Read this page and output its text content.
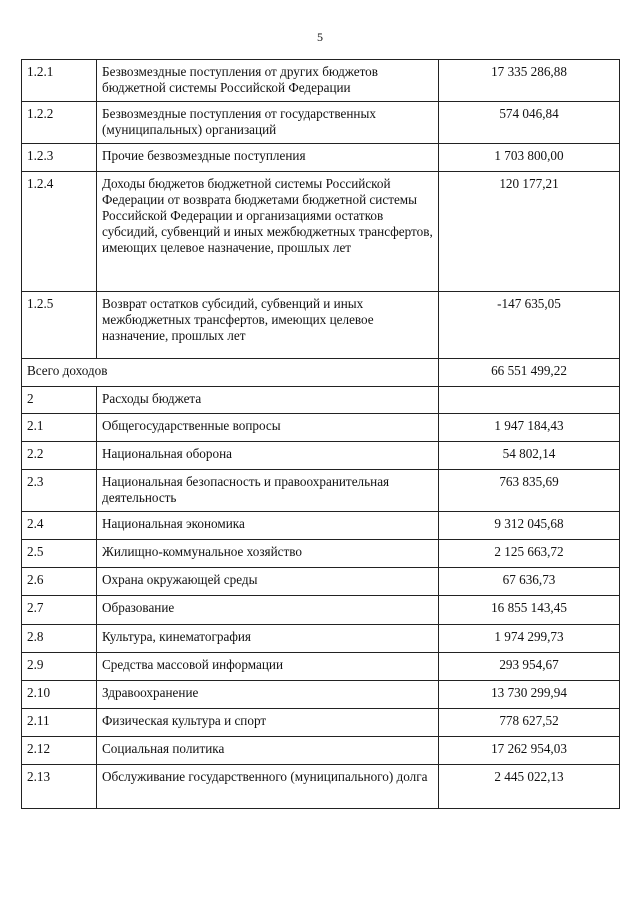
5
1.2.1	Безвозмездные поступления от других бюджетов бюджетной системы Российской Федерации	17 335 286,88
1.2.2	Безвозмездные поступления от государственных (муниципальных) организаций	574 046,84
1.2.3	Прочие безвозмездные поступления	1 703 800,00
1.2.4	Доходы бюджетов бюджетной системы Российской Федерации от возврата бюджетами бюджетной системы Российской Федерации и организациями остатков субсидий, субвенций и иных межбюджетных трансфертов, имеющих целевое назначение, прошлых лет	120 177,21
1.2.5	Возврат остатков субсидий, субвенций и иных межбюджетных трансфертов, имеющих целевое назначение, прошлых лет	-147 635,05
Всего доходов		66 551 499,22
2	Расходы бюджета	
2.1	Общегосударственные вопросы	1 947 184,43
2.2	Национальная оборона	54 802,14
2.3	Национальная безопасность и правоохранительная деятельность	763 835,69
2.4	Национальная экономика	9 312 045,68
2.5	Жилищно-коммунальное хозяйство	2 125 663,72
2.6	Охрана окружающей среды	67 636,73
2.7	Образование	16 855 143,45
2.8	Культура, кинематография	1 974 299,73
2.9	Средства массовой информации	293 954,67
2.10	Здравоохранение	13 730 299,94
2.11	Физическая культура и спорт	778 627,52
2.12	Социальная политика	17 262 954,03
2.13	Обслуживание государственного (муниципального) долга	2 445 022,13
